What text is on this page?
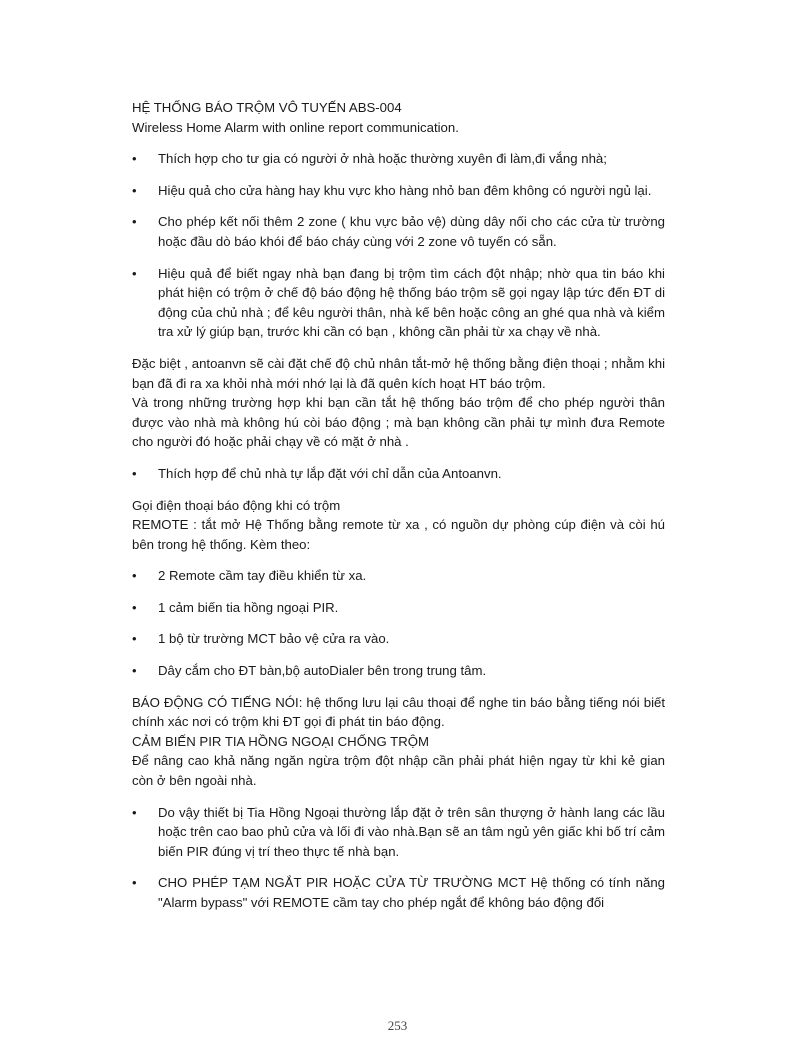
HỆ THỐNG BÁO TRỘM VÔ TUYẾN ABS-004

Wireless Home Alarm with online report communication.

• Thích hợp cho tư gia có người ở nhà hoặc thường xuyên đi làm,đi vắng nhà;
• Hiệu quả cho cửa hàng hay khu vực kho hàng nhỏ ban đêm không có người ngủ lại.
• Cho phép kết nối thêm 2 zone ( khu vực bảo vệ) dùng dây nối cho các cửa từ trường hoặc đầu dò báo khói để báo cháy cùng với 2 zone vô tuyến có sẵn.
• Hiệu quả để biết ngay nhà bạn đang bị trộm tìm cách đột nhập; nhờ qua tin báo khi phát hiện có trộm ở chế độ báo động hệ thống báo trộm sẽ gọi ngay lập tức đến ĐT di động của chủ nhà ; để kêu người thân, nhà kế bên hoặc công an ghé qua nhà và kiểm tra xử lý giúp bạn, trước khi cần có bạn , không cần phải từ xa chạy về nhà.

Đặc biệt , antoanvn sẽ cài đặt chế độ chủ nhân tắt-mở hệ thống bằng điện thoại ; nhằm khi bạn đã đi ra xa khỏi nhà mới nhớ lại là đã quên kích hoạt HT báo trộm.

Và trong những trường hợp khi bạn cần tắt hệ thống báo trộm để cho phép người thân được vào nhà mà không hú còi báo động ; mà bạn không cần phải tự mình đưa Remote cho người đó hoặc phải chạy về có mặt ở nhà .

• Thích hợp để chủ nhà tự lắp đặt với chỉ dẫn của Antoanvn.

Gọi điện thoại báo động khi có trộm

REMOTE : tắt mở Hệ Thống bằng remote từ xa , có nguồn dự phòng cúp điện và còi hú bên trong hệ thống. Kèm theo:

• 2 Remote cầm tay điều khiển từ xa.
• 1 cảm biến tia hồng ngoại PIR.
• 1 bộ từ trường MCT bảo vệ cửa ra vào.
• Dây cắm cho ĐT bàn,bộ autoDialer bên trong trung tâm.

BÁO ĐỘNG CÓ TIẾNG NÓI: hệ thống lưu lại câu thoại để nghe tin báo bằng tiếng nói biết chính xác nơi có trộm khi ĐT gọi đi phát tin báo động.

CẢM BIẾN PIR TIA HỒNG NGOẠI CHỐNG TRỘM

Để nâng cao khả năng ngăn ngừa trộm đột nhập cần phải phát hiện ngay từ khi kẻ gian còn ở bên ngoài nhà.

• Do vậy thiết bị Tia Hồng Ngoại thường lắp đặt ở trên sân thượng ở hành lang các lầu hoặc trên cao bao phủ cửa và lối đi vào nhà.Bạn sẽ an tâm ngủ yên giấc khi bố trí cảm biến PIR đúng vị trí theo thực tế nhà bạn.
• CHO PHÉP TẠM NGẮT PIR HOẶC CỬA TỪ TRƯỜNG MCT Hệ thống có tính năng "Alarm bypass" với REMOTE cầm tay cho phép ngắt để không báo động đối
253
